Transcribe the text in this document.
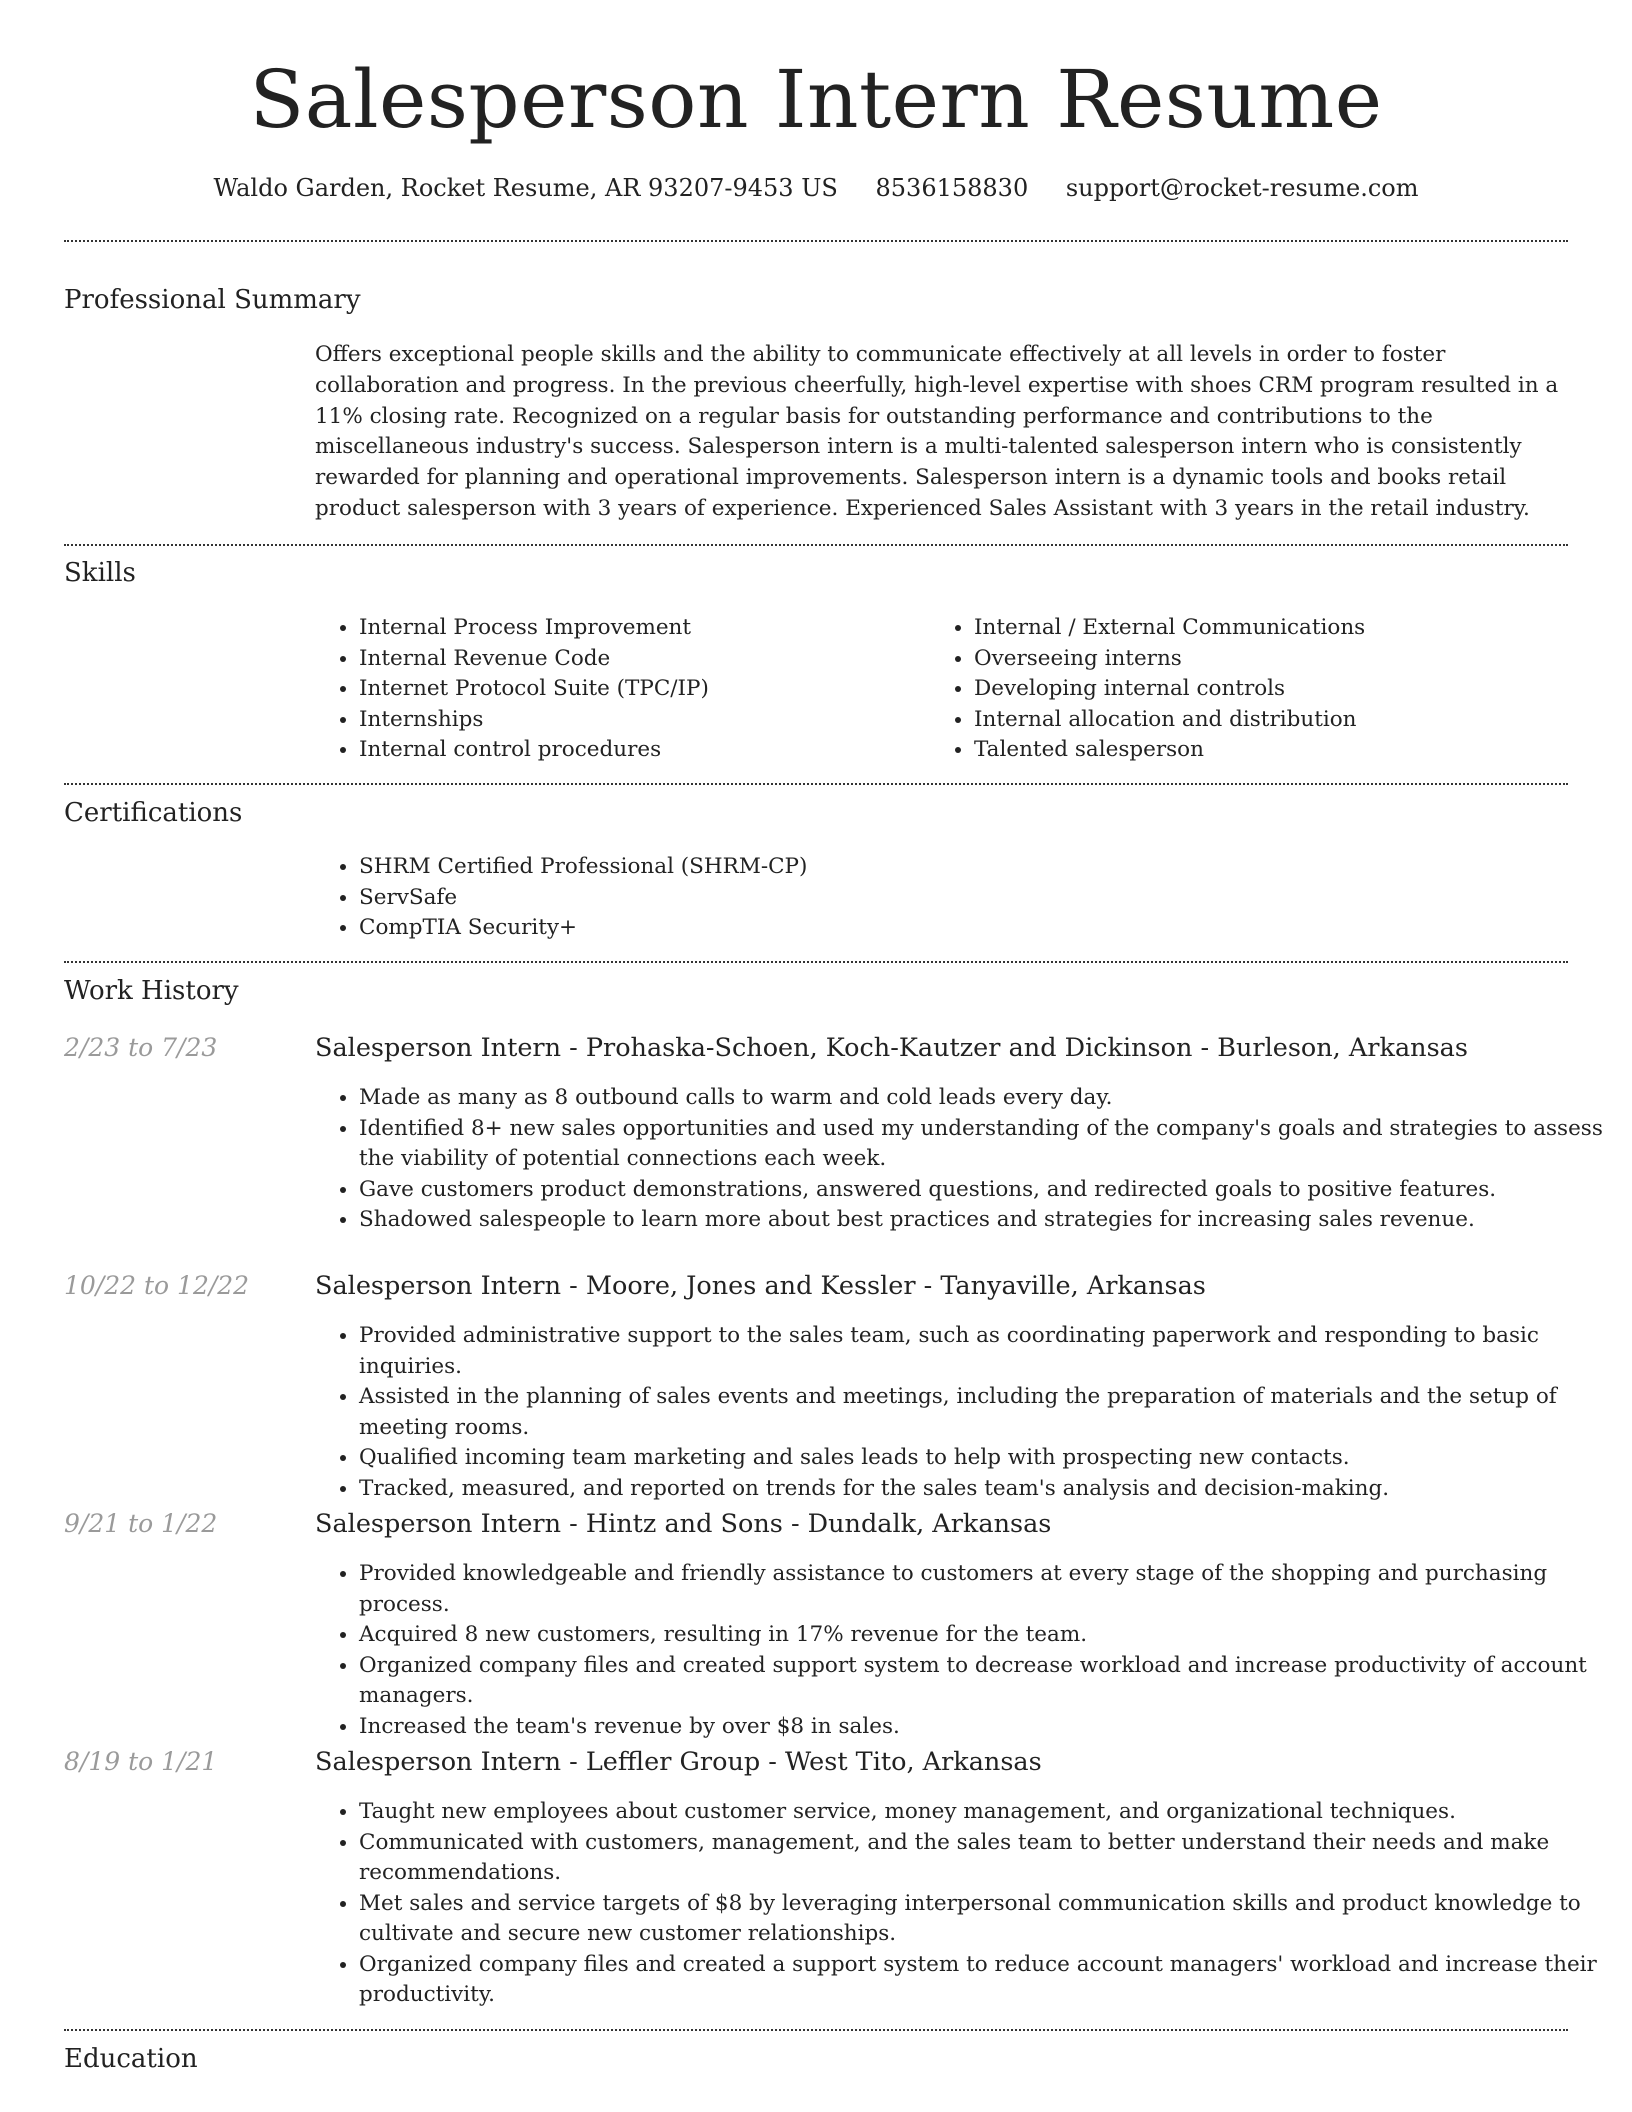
Salesperson Intern Resume
Waldo Garden, Rocket Resume, AR 93207-9453 US 8536158830 support@rocket-resume.com
Professional Summary

Offers exceptional people skills and the ability to communicate effectively at all levels in order to foster collaboration and progress. In the previous cheerfully, high-level expertise with shoes CRM program resulted in a 11% closing rate. Recognized on a regular basis for outstanding performance and contributions to the miscellaneous industry's success. Salesperson intern is a multi-talented salesperson intern who is consistently rewarded for planning and operational improvements. Salesperson intern is a dynamic tools and books retail product salesperson with 3 years of experience. Experienced Sales Assistant with 3 years in the retail industry.

Skills
• Internal Process Improvement
• Internal Revenue Code
• Internet Protocol Suite (TPC/IP)
• Internships
• Internal control procedures
• Internal / External Communications
• Overseeing interns
• Developing internal controls
• Internal allocation and distribution
• Talented salesperson
Certifications
• SHRM Certified Professional (SHRM-CP)
• ServSafe
• CompTIA Security+
Work History
2/23 to 7/23	Salesperson Intern - Prohaska-Schoen, Koch-Kautzer and Dickinson - Burleson, Arkansas
• Made as many as 8 outbound calls to warm and cold leads every day.
• Identified 8+ new sales opportunities and used my understanding of the company's goals and strategies to assess the viability of potential connections each week.
• Gave customers product demonstrations, answered questions, and redirected goals to positive features.
• Shadowed salespeople to learn more about best practices and strategies for increasing sales revenue.
10/22 to 12/22	Salesperson Intern - Moore, Jones and Kessler - Tanyaville, Arkansas
• Provided administrative support to the sales team, such as coordinating paperwork and responding to basic inquiries.
• Assisted in the planning of sales events and meetings, including the preparation of materials and the setup of meeting rooms.
• Qualified incoming team marketing and sales leads to help with prospecting new contacts.
• Tracked, measured, and reported on trends for the sales team's analysis and decision-making.
9/21 to 1/22	Salesperson Intern - Hintz and Sons - Dundalk, Arkansas
• Provided knowledgeable and friendly assistance to customers at every stage of the shopping and purchasing process.
• Acquired 8 new customers, resulting in 17% revenue for the team.
• Organized company files and created support system to decrease workload and increase productivity of account managers.
• Increased the team's revenue by over $8 in sales.
8/19 to 1/21	Salesperson Intern - Leffler Group - West Tito, Arkansas
• Taught new employees about customer service, money management, and organizational techniques.
• Communicated with customers, management, and the sales team to better understand their needs and make recommendations.
• Met sales and service targets of $8 by leveraging interpersonal communication skills and product knowledge to cultivate and secure new customer relationships.
• Organized company files and created a support system to reduce account managers' workload and increase their productivity.
Education
